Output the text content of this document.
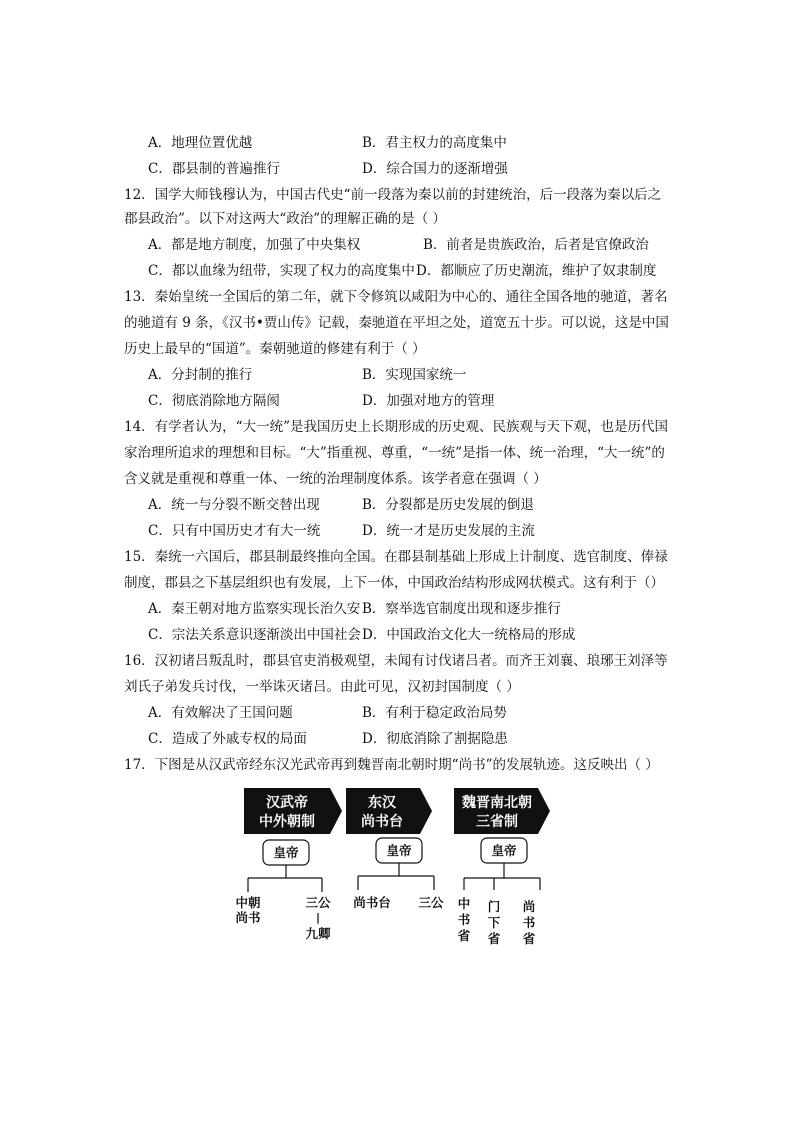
A．地理位置优越	B．君主权力的高度集中
C．郡县制的普遍推行	D．综合国力的逐渐增强
12．国学大师钱穆认为，中国古代史“前一段落为秦以前的封建统治，后一段落为秦以后之
郡县政治”。以下对这两大“政治”的理解正确的是（ ）
A．都是地方制度，加强了中央集权	B．前者是贵族政治，后者是官僚政治
C．都以血缘为纽带，实现了权力的高度集中 D．都顺应了历史潮流，维护了奴隶制度
13．秦始皇统一全国后的第二年，就下令修筑以咸阳为中心的、通往全国各地的驰道，著名
的驰道有 9 条，《汉书•贾山传》记载，秦驰道在平坦之处，道宽五十步。可以说，这是中国
历史上最早的“国道”。秦朝驰道的修建有利于（ ）
A．分封制的推行	B．实现国家统一
C．彻底消除地方隔阂	D．加强对地方的管理
14．有学者认为，“大一统”是我国历史上长期形成的历史观、民族观与天下观，也是历代国
家治理所追求的理想和目标。“大”指重视、尊重，“一统”是指一体、统一治理，“大一统”的
含义就是重视和尊重一体、一统的治理制度体系。该学者意在强调（ ）
A．统一与分裂不断交替出现	B．分裂都是历史发展的倒退
C．只有中国历史才有大一统	D．统一才是历史发展的主流
15．秦统一六国后，郡县制最终推向全国。在郡县制基础上形成上计制度、选官制度、俸禄
制度，郡县之下基层组织也有发展，上下一体，中国政治结构形成网状模式。这有利于（）
A．秦王朝对地方监察实现长治久安 B．察举选官制度出现和逐步推行
C．宗法关系意识逐渐淡出中国社会 D．中国政治文化大一统格局的形成
16．汉初诸吕叛乱时，郡县官吏消极观望，未闻有讨伐诸吕者。而齐王刘襄、琅琊王刘泽等
刘氏子弟发兵讨伐，一举诛灭诸吕。由此可见，汉初封国制度（ ）
A．有效解决了王国问题	B．有利于稳定政治局势
C．造成了外戚专权的局面	D．彻底消除了割据隐患
17．下图是从汉武帝经东汉光武帝再到魏晋南北朝时期“尚书”的发展轨迹。这反映出（ ）
汉武帝
中外朝制
东汉
尚书台
魏晋南北朝
三省制
皇帝
中朝
尚书
三公
|
九卿
皇帝
尚书台 三公
皇帝
中
书
省
门
下
省
尚
书
省
